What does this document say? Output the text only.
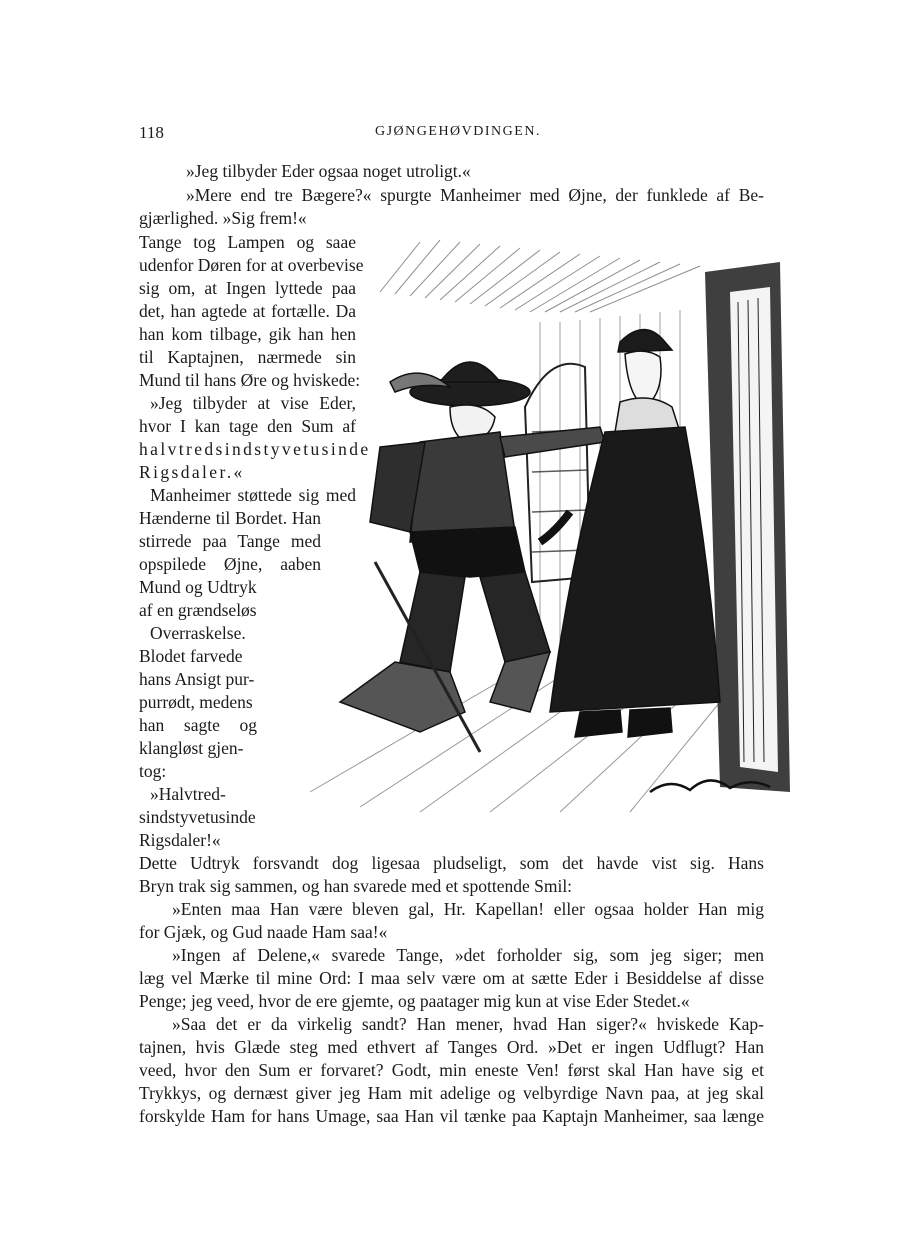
118	GJØNGEHØVDINGEN.

»Jeg tilbyder Eder ogsaa noget utroligt.«

»Mere end tre Bægere?« spurgte Manheimer med Øjne, der funklede af Be-

gjærlighed. »Sig frem!«

Tange tog Lampen og saae

udenfor Døren for at overbevise

sig om, at Ingen lyttede paa

det, han agtede at fortælle. Da

han kom tilbage, gik han hen

til Kaptajnen, nærmede sin

Mund til hans Øre og hviskede:

»Jeg tilbyder at vise Eder,

hvor I kan tage den Sum af

halvtredsindstyvetusinde

Rigsdaler.«

Manheimer støttede sig med

Hænderne til Bordet. Han

stirrede paa Tange med

opspilede Øjne, aaben

Mund og Udtryk

af en grændseløs

Overraskelse.

Blodet farvede

hans Ansigt pur-

purrødt, medens

han sagte og

klangløst gjen-

tog:

»Halvtred-

sindstyvetusinde

Rigsdaler!«

Dette Udtryk forsvandt dog ligesaa pludseligt, som det havde vist sig. Hans

Bryn trak sig sammen, og han svarede med et spottende Smil:

»Enten maa Han være bleven gal, Hr. Kapellan! eller ogsaa holder Han mig

for Gjæk, og Gud naade Ham saa!«

»Ingen af Delene,« svarede Tange, »det forholder sig, som jeg siger; men

læg vel Mærke til mine Ord: I maa selv være om at sætte Eder i Besiddelse af disse

Penge; jeg veed, hvor de ere gjemte, og paatager mig kun at vise Eder Stedet.«

»Saa det er da virkelig sandt? Han mener, hvad Han siger?« hviskede Kap-

tajnen, hvis Glæde steg med ethvert af Tanges Ord. »Det er ingen Udflugt? Han

veed, hvor den Sum er forvaret? Godt, min eneste Ven! først skal Han have sig et

Trykkys, og dernæst giver jeg Ham mit adelige og velbyrdige Navn paa, at jeg skal

forskylde Ham for hans Umage, saa Han vil tænke paa Kaptajn Manheimer, saa længe
